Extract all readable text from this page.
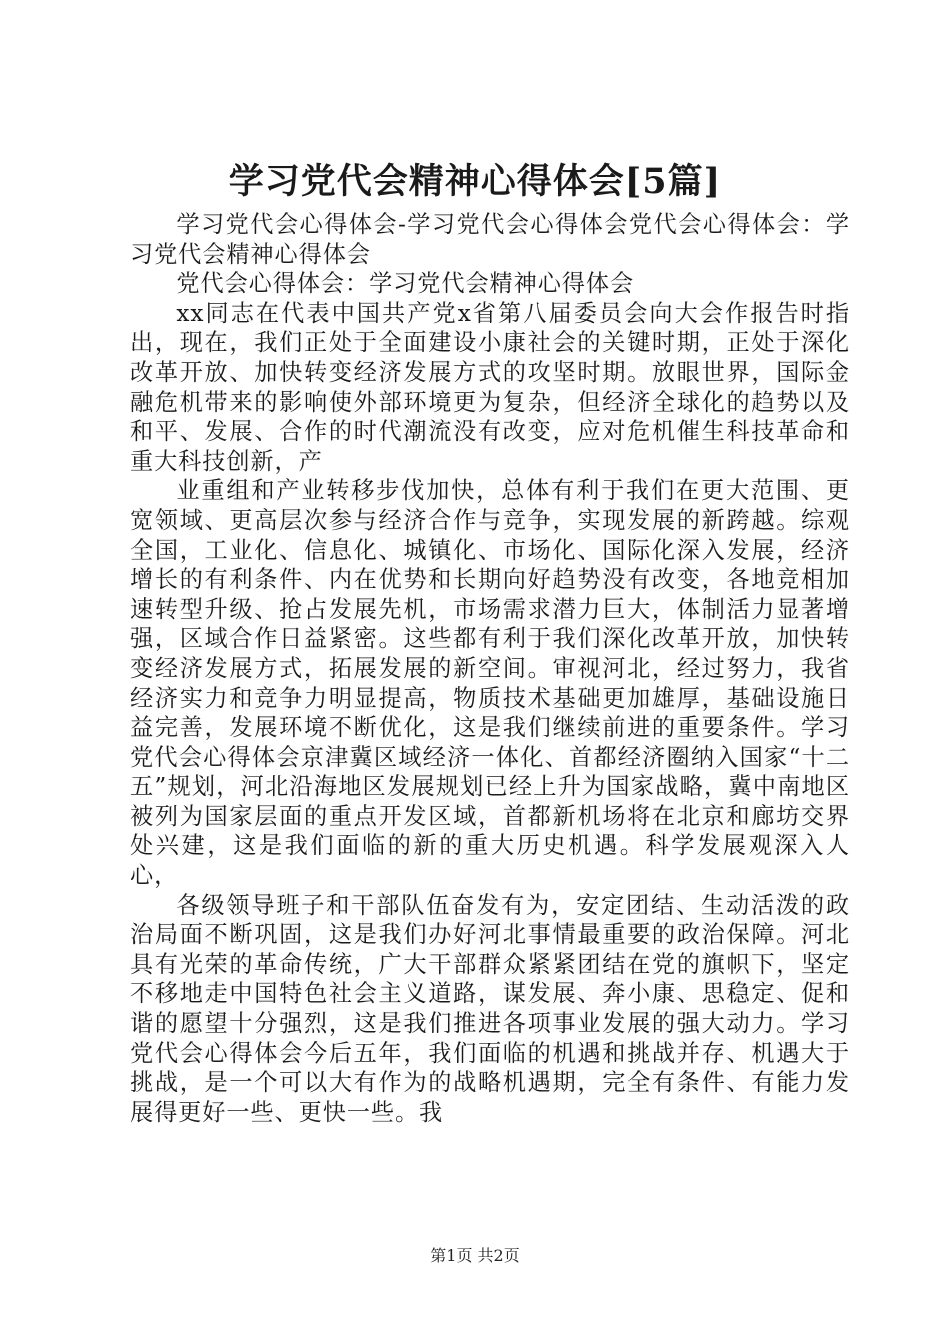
学习党代会精神心得体会[5篇]

学习党代会心得体会-学习党代会心得体会党代会心得体会：学习党代会精神心得体会

党代会心得体会：学习党代会精神心得体会

xx同志在代表中国共产党x省第八届委员会向大会作报告时指出，现在，我们正处于全面建设小康社会的关键时期，正处于深化改革开放、加快转变经济发展方式的攻坚时期。放眼世界，国际金融危机带来的影响使外部环境更为复杂，但经济全球化的趋势以及和平、发展、合作的时代潮流没有改变，应对危机催生科技革命和重大科技创新，产

业重组和产业转移步伐加快，总体有利于我们在更大范围、更宽领域、更高层次参与经济合作与竞争，实现发展的新跨越。综观全国，工业化、信息化、城镇化、市场化、国际化深入发展，经济增长的有利条件、内在优势和长期向好趋势没有改变，各地竞相加速转型升级、抢占发展先机，市场需求潜力巨大，体制活力显著增强，区域合作日益紧密。这些都有利于我们深化改革开放，加快转变经济发展方式，拓展发展的新空间。审视河北，经过努力，我省经济实力和竞争力明显提高，物质技术基础更加雄厚，基础设施日益完善，发展环境不断优化，这是我们继续前进的重要条件。学习党代会心得体会京津冀区域经济一体化、首都经济圈纳入国家“十二五”规划，河北沿海地区发展规划已经上升为国家战略，冀中南地区被列为国家层面的重点开发区域，首都新机场将在北京和廊坊交界处兴建，这是我们面临的新的重大历史机遇。科学发展观深入人心，

各级领导班子和干部队伍奋发有为，安定团结、生动活泼的政治局面不断巩固，这是我们办好河北事情最重要的政治保障。河北具有光荣的革命传统，广大干部群众紧紧团结在党的旗帜下，坚定不移地走中国特色社会主义道路，谋发展、奔小康、思稳定、促和谐的愿望十分强烈，这是我们推进各项事业发展的强大动力。学习党代会心得体会今后五年，我们面临的机遇和挑战并存、机遇大于挑战，是一个可以大有作为的战略机遇期，完全有条件、有能力发展得更好一些、更快一些。我

第1页 共2页
